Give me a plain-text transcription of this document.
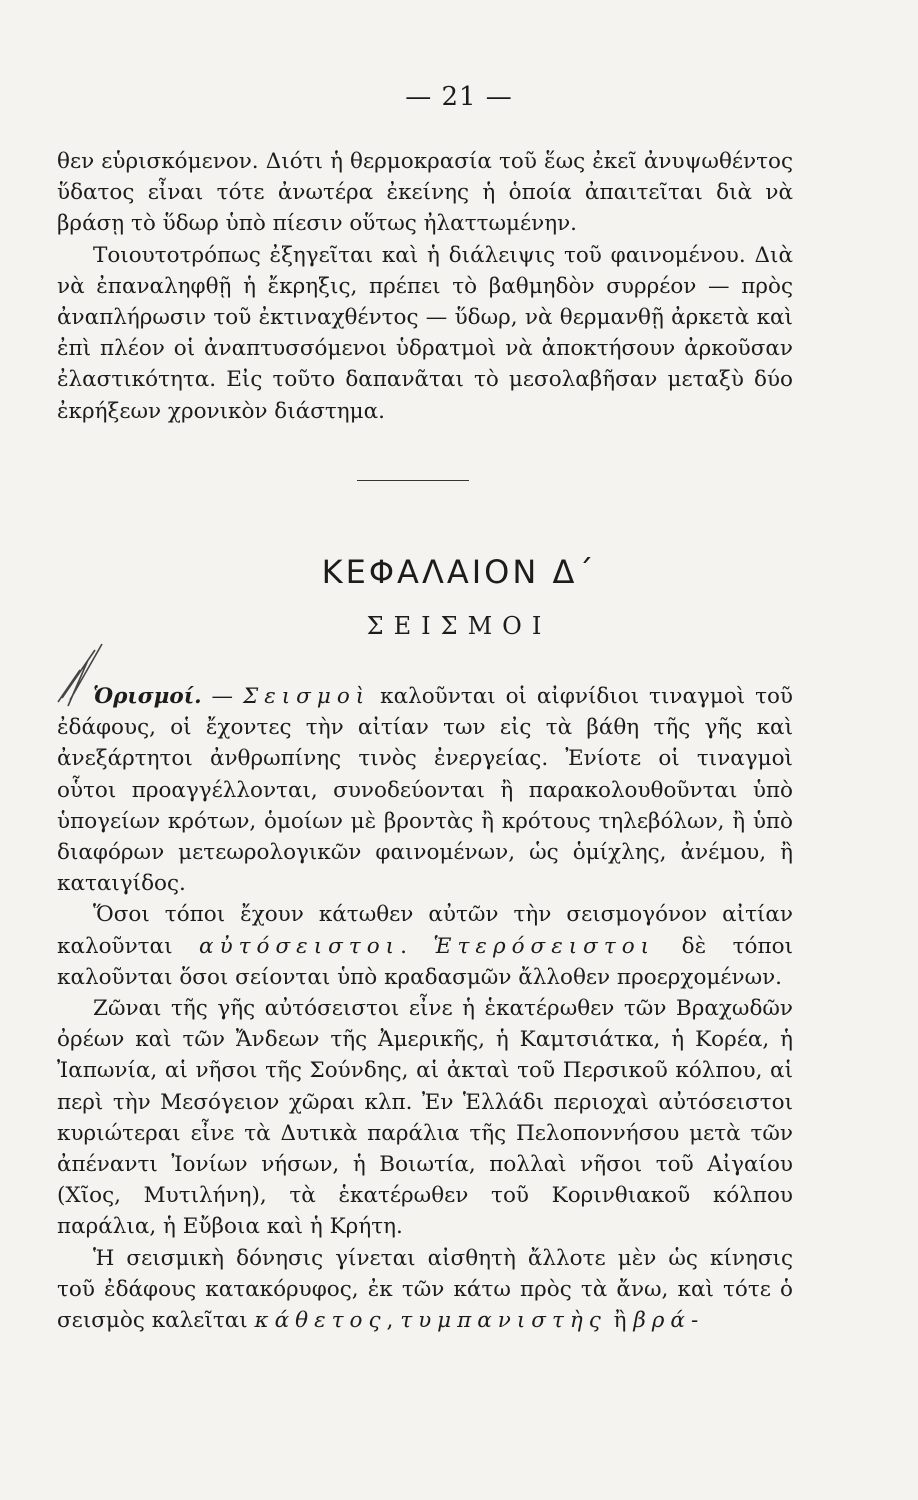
— 21 —

θεν εὑρισκόμενον. Διότι ἡ θερμοκρασία τοῦ ἕως ἐκεῖ ἀνυψωθέντος ὕδατος εἶναι τότε ἀνωτέρα ἐκείνης ἡ ὁποία ἀπαιτεῖται διὰ νὰ βράσῃ τὸ ὕδωρ ὑπὸ πίεσιν οὕτως ἠλαττωμένην.

Τοιουτοτρόπως ἐξηγεῖται καὶ ἡ διάλειψις τοῦ φαινομένου. Διὰ νὰ ἐπαναληφθῇ ἡ ἔκρηξις, πρέπει τὸ βαθμηδὸν συρρέον — πρὸς ἀναπλήρωσιν τοῦ ἐκτιναχθέντος — ὕδωρ, νὰ θερμανθῇ ἀρκετὰ καὶ ἐπὶ πλέον οἱ ἀναπτυσσόμενοι ὑδρατμοὶ νὰ ἀποκτήσουν ἀρκοῦσαν ἐλαστικότητα. Εἰς τοῦτο δαπανᾶται τὸ μεσολαβῆσαν μεταξὺ δύο ἐκρήξεων χρονικὸν διάστημα.

ΚΕΦΑΛΑΙΟΝ Δ΄
ΣΕΙΣΜΟΙ

Ὁρισμοί. — Σεισμοὶ καλοῦνται οἱ αἰφνίδιοι τιναγμοὶ τοῦ ἐδάφους, οἱ ἔχοντες τὴν αἰτίαν των εἰς τὰ βάθη τῆς γῆς καὶ ἀνεξάρτητοι ἀνθρωπίνης τινὸς ἐνεργείας. Ἐνίοτε οἱ τιναγμοὶ οὗτοι προαγγέλλονται, συνοδεύονται ἢ παρακολουθοῦνται ὑπὸ ὑπογείων κρότων, ὁμοίων μὲ βροντὰς ἢ κρότους τηλεβόλων, ἢ ὑπὸ διαφόρων μετεωρολογικῶν φαινομένων, ὡς ὁμίχλης, ἀνέμου, ἢ καταιγίδος.

Ὅσοι τόποι ἔχουν κάτωθεν αὐτῶν τὴν σεισμογόνον αἰτίαν καλοῦνται αὐτόσειστοι. Ἑτερόσειστοι δὲ τόποι καλοῦνται ὅσοι σείονται ὑπὸ κραδασμῶν ἄλλοθεν προερχομένων.

Ζῶναι τῆς γῆς αὐτόσειστοι εἶνε ἡ ἑκατέρωθεν τῶν Βραχωδῶν ὀρέων καὶ τῶν Ἄνδεων τῆς Ἀμερικῆς, ἡ Καμτσιάτκα, ἡ Κορέα, ἡ Ἰαπωνία, αἱ νῆσοι τῆς Σούνδης, αἱ ἀκταὶ τοῦ Περσικοῦ κόλπου, αἱ περὶ τὴν Μεσόγειον χῶραι κλπ. Ἐν Ἑλλάδι περιοχαὶ αὐτόσειστοι κυριώτεραι εἶνε τὰ Δυτικὰ παράλια τῆς Πελοποννήσου μετὰ τῶν ἀπέναντι Ἰονίων νήσων, ἡ Βοιωτία, πολλαὶ νῆσοι τοῦ Αἰγαίου (Χῖος, Μυτιλήνη), τὰ ἑκατέρωθεν τοῦ Κορινθιακοῦ κόλπου παράλια, ἡ Εὔβοια καὶ ἡ Κρήτη.

Ἡ σεισμικὴ δόνησις γίνεται αἰσθητὴ ἄλλοτε μὲν ὡς κίνησις τοῦ ἐδάφους κατακόρυφος, ἐκ τῶν κάτω πρὸς τὰ ἄνω, καὶ τότε ὁ σεισμὸς καλεῖται κάθετος, τυμπανιστὴς ἢ βρά-
